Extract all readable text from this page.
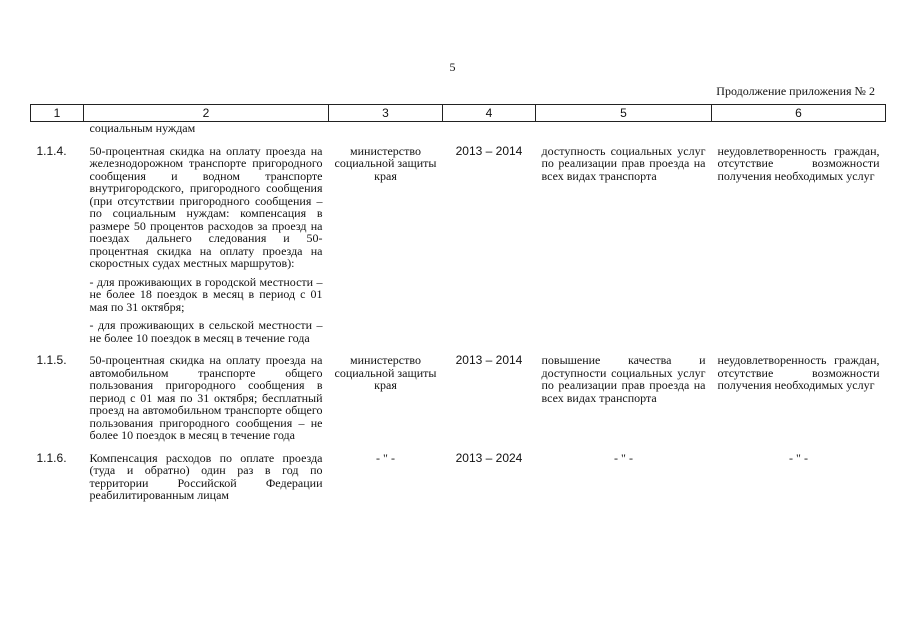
5
Продолжение приложения № 2
1	2	3	4	5	6
	социальным нуждам				
1.1.4.	50-процентная скидка на оплату проезда на железнодорожном транспорте пригородного сообщения и водном транспорте внутригородского, пригородного сообщения (при отсутствии пригородного сообщения – по социальным нуждам: компенсация в размере 50 процентов расходов за проезд на поездах дальнего следования и 50-процентная скидка на оплату проезда на скоростных судах местных маршрутов):
- для проживающих в городской местности – не более 18 поездок в месяц в период с 01 мая по 31 октября;
- для проживающих в сельской местности – не более 10 поездок в месяц в течение года	министерство социальной защиты края	2013 – 2014	доступность социальных услуг по реализации прав проезда на всех видах транспорта	неудовлетворенность граждан, отсутствие возможности получения необходимых услуг
1.1.5.	50-процентная скидка на оплату проезда на автомобильном транспорте общего пользования пригородного сообщения в период с 01 мая по 31 октября; бесплатный проезд на автомобильном транспорте общего пользования пригородного сообщения – не более 10 поездок в месяц в течение года	министерство социальной защиты края	2013 – 2014	повышение качества и доступности социальных услуг по реализации прав проезда на всех видах транспорта	неудовлетворенность граждан, отсутствие возможности получения необходимых услуг
1.1.6.	Компенсация расходов по оплате проезда (туда и обратно) один раз в год по территории Российской Федерации реабилитированным лицам	- " -	2013 – 2024	- " -	- " -
